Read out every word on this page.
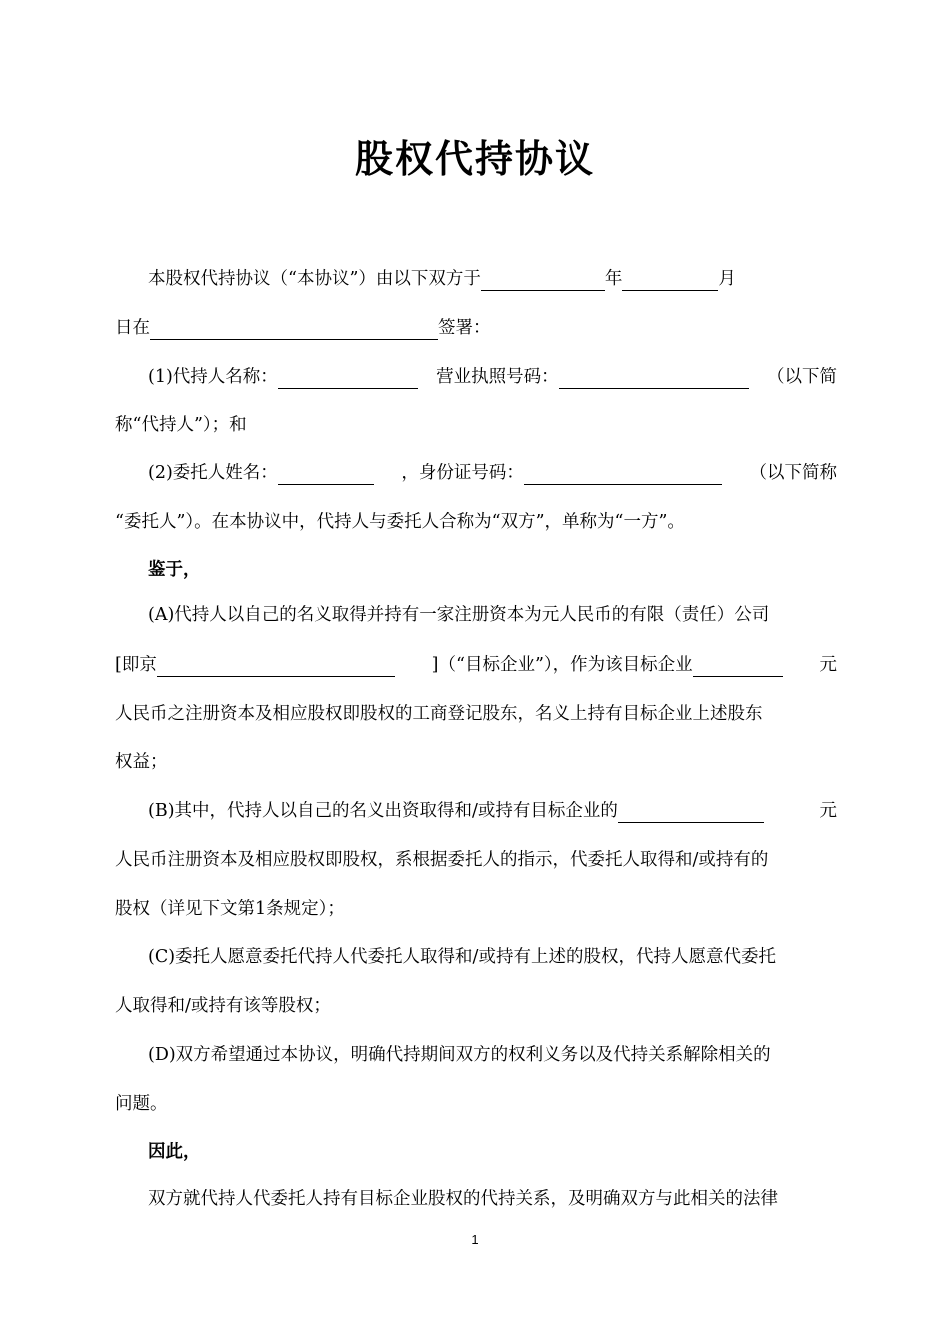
股权代持协议
本股权代持协议（“本协议”）由以下双方于	年	月
日在	签署：
(1)代持人名称：	营业执照号码：	（以下简
称“代持人”）；和
(2)委托人姓名：	，身份证号码：	（以下简称
“委托人”）。在本协议中，代持人与委托人合称为“双方”，单称为“一方”。
鉴于，
(A)代持人以自己的名义取得并持有一家注册资本为元人民币的有限（责任）公司
[即京	]（“目标企业”），作为该目标企业	元
人民币之注册资本及相应股权即股权的工商登记股东，名义上持有目标企业上述股东
权益；
(B)其中，代持人以自己的名义出资取得和/或持有目标企业的	元
人民币注册资本及相应股权即股权，系根据委托人的指示，代委托人取得和/或持有的
股权（详见下文第1条规定）；
(C)委托人愿意委托代持人代委托人取得和/或持有上述的股权，代持人愿意代委托
人取得和/或持有该等股权；
(D)双方希望通过本协议，明确代持期间双方的权利义务以及代持关系解除相关的
问题。
因此，
双方就代持人代委托人持有目标企业股权的代持关系，及明确双方与此相关的法律
1
